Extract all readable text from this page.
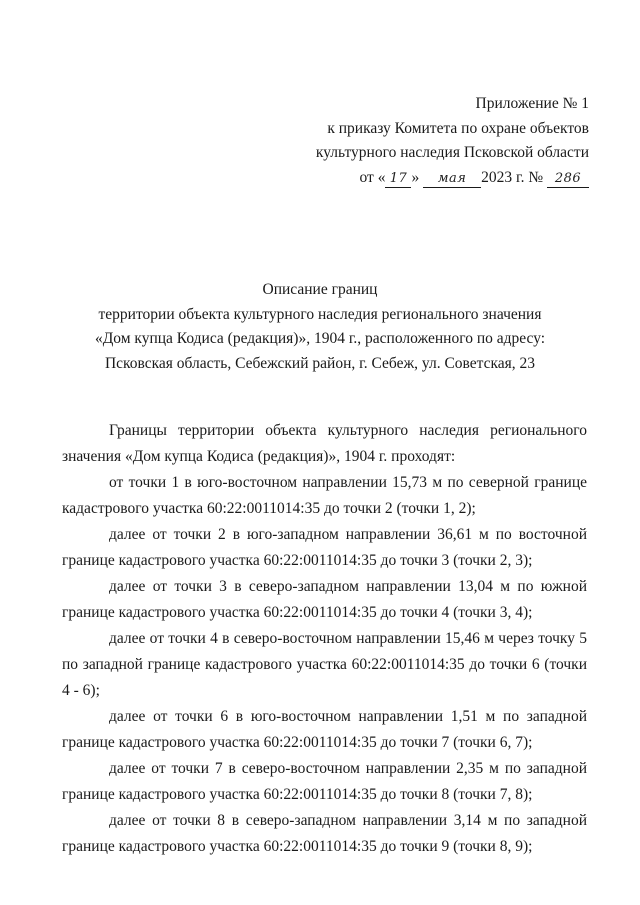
Приложение № 1
к приказу Комитета по охране объектов
культурного наследия Псковской области
от « 17 » мая 2023 г. № 286
Описание границ
территории объекта культурного наследия регионального значения
«Дом купца Кодиса (редакция)», 1904 г., расположенного по адресу:
Псковская область, Себежский район, г. Себеж, ул. Советская, 23

Границы территории объекта культурного наследия регионального значения «Дом купца Кодиса (редакция)», 1904 г. проходят:

от точки 1 в юго-восточном направлении 15,73 м по северной границе кадастрового участка 60:22:0011014:35 до точки 2 (точки 1, 2);

далее от точки 2 в юго-западном направлении 36,61 м по восточной границе кадастрового участка 60:22:0011014:35 до точки 3 (точки 2, 3);

далее от точки 3 в северо-западном направлении 13,04 м по южной границе кадастрового участка 60:22:0011014:35 до точки 4 (точки 3, 4);

далее от точки 4 в северо-восточном направлении 15,46 м через точку 5 по западной границе кадастрового участка 60:22:0011014:35 до точки 6 (точки 4 - 6);

далее от точки 6 в юго-восточном направлении 1,51 м по западной границе кадастрового участка 60:22:0011014:35 до точки 7 (точки 6, 7);

далее от точки 7 в северо-восточном направлении 2,35 м по западной границе кадастрового участка 60:22:0011014:35 до точки 8 (точки 7, 8);

далее от точки 8 в северо-западном направлении 3,14 м по западной границе кадастрового участка 60:22:0011014:35 до точки 9 (точки 8, 9);
